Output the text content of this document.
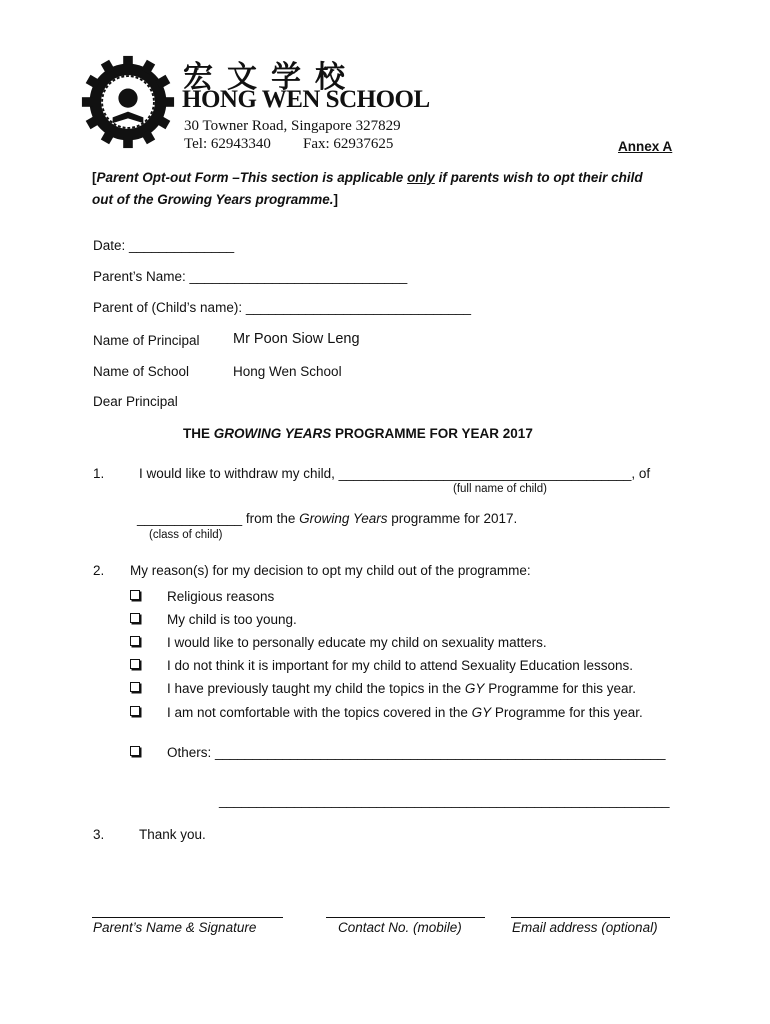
宏文学校
HONG WEN SCHOOL
30 Towner Road, Singapore 327829
Tel: 62943340 Fax: 62937625	Annex A
[Parent Opt-out Form –This section is applicable only if parents wish to opt their child
out of the Growing Years programme.]
Date: ______________
Parent’s Name: _____________________________
Parent of (Child’s name): ______________________________
Name of Principal Mr Poon Siow Leng
Name of School	Hong Wen School
Dear Principal
THE GROWING YEARS PROGRAMME FOR YEAR 2017
1.	I would like to withdraw my child, _______________________________________, of
(full name of child)
______________ from the Growing Years programme for 2017.
(class of child)
2. My reason(s) for my decision to opt my child out of the programme:
Religious reasons
My child is too young.
I would like to personally educate my child on sexuality matters.
I do not think it is important for my child to attend Sexuality Education lessons.
I have previously taught my child the topics in the GY Programme for this year.
I am not comfortable with the topics covered in the GY Programme for this year.
Others: ____________________________________________________________
____________________________________________________________
3.	Thank you.
Parent’s Name & Signature	Contact No. (mobile)	Email address (optional)
